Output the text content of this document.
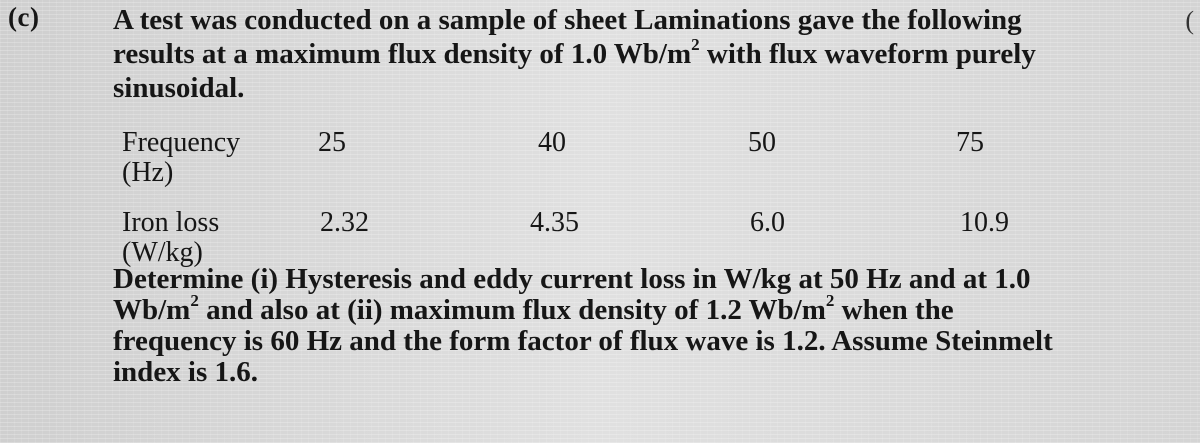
(c)	(

A test was conducted on a sample of sheet Laminations gave the following
results at a maximum flux density of 1.0 $Wb/m^2$ with flux waveform purely
sinusoidal.

Frequency
(Hz)
25	40	50	75
Iron loss
(W/kg)
2.32	4.35	6.0	10.9

Determine (i) Hysteresis and eddy current loss in W/kg at 50 Hz and at 1.0
$Wb/m^2$ and also at (ii) maximum flux density of 1.2 $Wb/m^2$ when the
frequency is 60 Hz and the form factor of flux wave is 1.2. Assume Steinmelt
index is 1.6.
